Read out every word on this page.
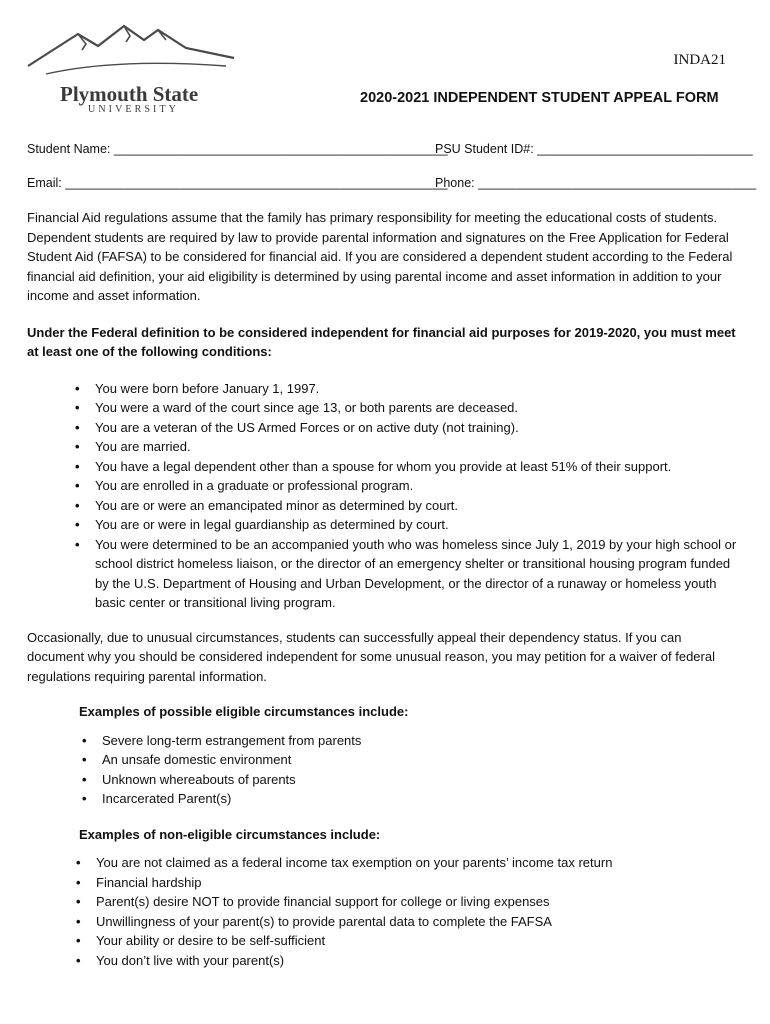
Plymouth State
UNIVERSITY
INDA21
2020-2021 INDEPENDENT STUDENT APPEAL FORM
Student Name: ________________________________________________
PSU Student ID#: _______________________________
Email: _______________________________________________________
Phone: ________________________________________

Financial Aid regulations assume that the family has primary responsibility for meeting the educational costs of students. Dependent students are required by law to provide parental information and signatures on the Free Application for Federal Student Aid (FAFSA) to be considered for financial aid. If you are considered a dependent student according to the Federal financial aid definition, your aid eligibility is determined by using parental income and asset information in addition to your income and asset information.

Under the Federal definition to be considered independent for financial aid purposes for 2019-2020, you must meet at least one of the following conditions:

• You were born before January 1, 1997.
• You were a ward of the court since age 13, or both parents are deceased.
• You are a veteran of the US Armed Forces or on active duty (not training).
• You are married.
• You have a legal dependent other than a spouse for whom you provide at least 51% of their support.
• You are enrolled in a graduate or professional program.
• You are or were an emancipated minor as determined by court.
• You are or were in legal guardianship as determined by court.
• You were determined to be an accompanied youth who was homeless since July 1, 2019 by your high school or school district homeless liaison, or the director of an emergency shelter or transitional housing program funded by the U.S. Department of Housing and Urban Development, or the director of a runaway or homeless youth basic center or transitional living program.

Occasionally, due to unusual circumstances, students can successfully appeal their dependency status. If you can document why you should be considered independent for some unusual reason, you may petition for a waiver of federal regulations requiring parental information.

Examples of possible eligible circumstances include:

• Severe long-term estrangement from parents
• An unsafe domestic environment
• Unknown whereabouts of parents
• Incarcerated Parent(s)

Examples of non-eligible circumstances include:

• You are not claimed as a federal income tax exemption on your parents’ income tax return
• Financial hardship
• Parent(s) desire NOT to provide financial support for college or living expenses
• Unwillingness of your parent(s) to provide parental data to complete the FAFSA
• Your ability or desire to be self-sufficient
• You don’t live with your parent(s)
